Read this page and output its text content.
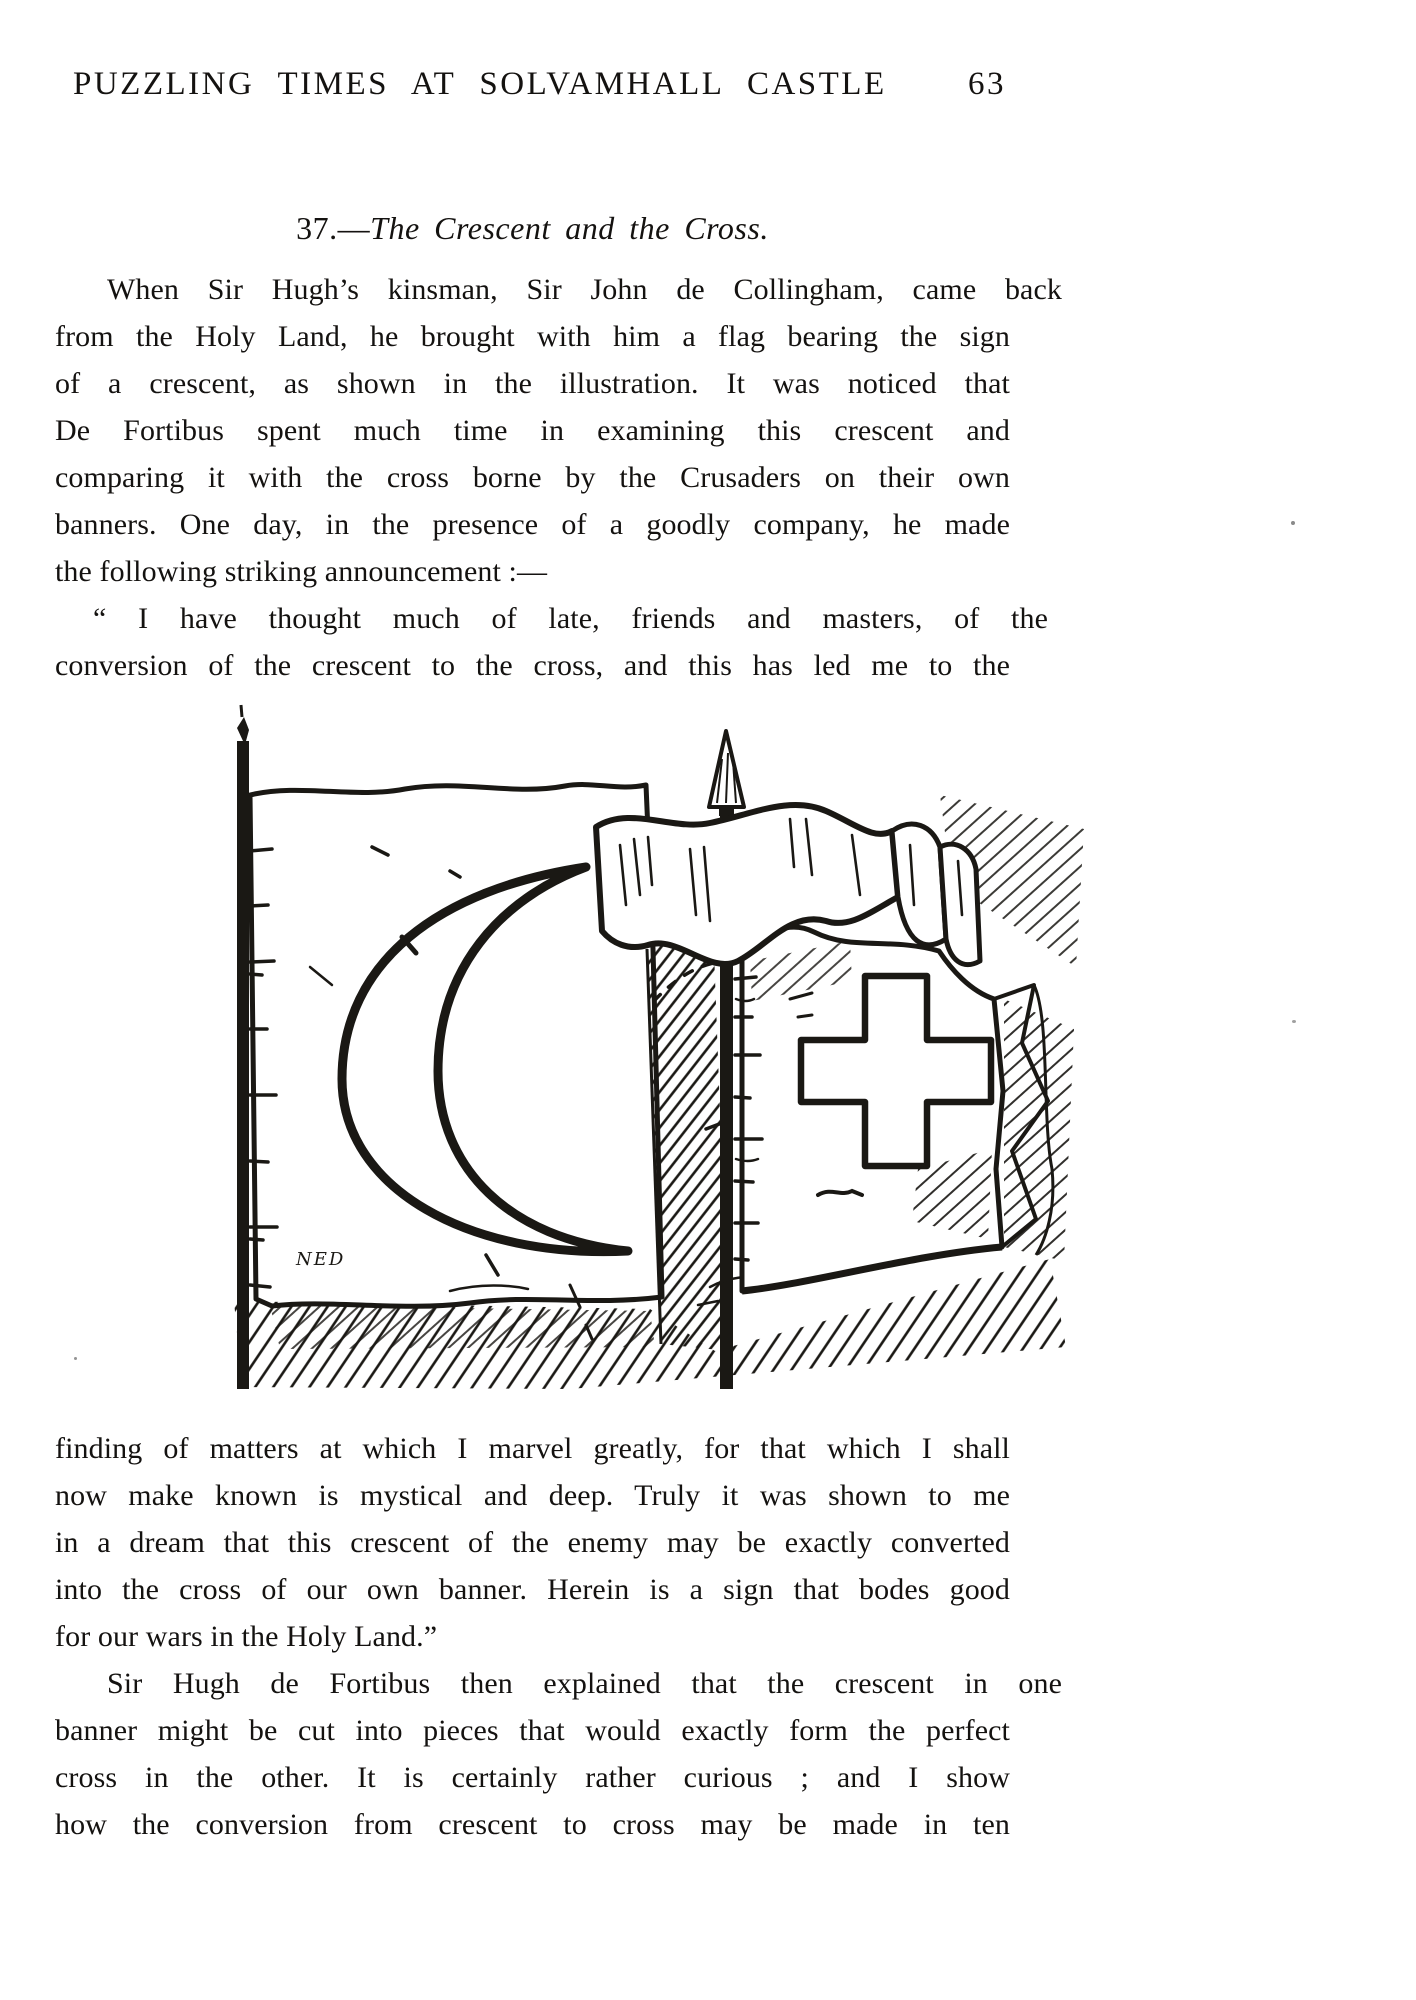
PUZZLING TIMES AT SOLVAMHALL CASTLE 63
37.—The Crescent and the Cross.
When Sir Hugh’s kinsman, Sir John de Collingham, came back
from the Holy Land, he brought with him a flag bearing the sign
of a crescent, as shown in the illustration. It was noticed that
De Fortibus spent much time in examining this crescent and
comparing it with the cross borne by the Crusaders on their own
banners. One day, in the presence of a goodly company, he made
the following striking announcement :—
“ I have thought much of late, friends and masters, of the
conversion of the crescent to the cross, and this has led me to the
NED
finding of matters at which I marvel greatly, for that which I shall
now make known is mystical and deep. Truly it was shown to me
in a dream that this crescent of the enemy may be exactly converted
into the cross of our own banner. Herein is a sign that bodes good
for our wars in the Holy Land.”
Sir Hugh de Fortibus then explained that the crescent in one
banner might be cut into pieces that would exactly form the perfect
cross in the other. It is certainly rather curious ; and I show
how the conversion from crescent to cross may be made in ten
